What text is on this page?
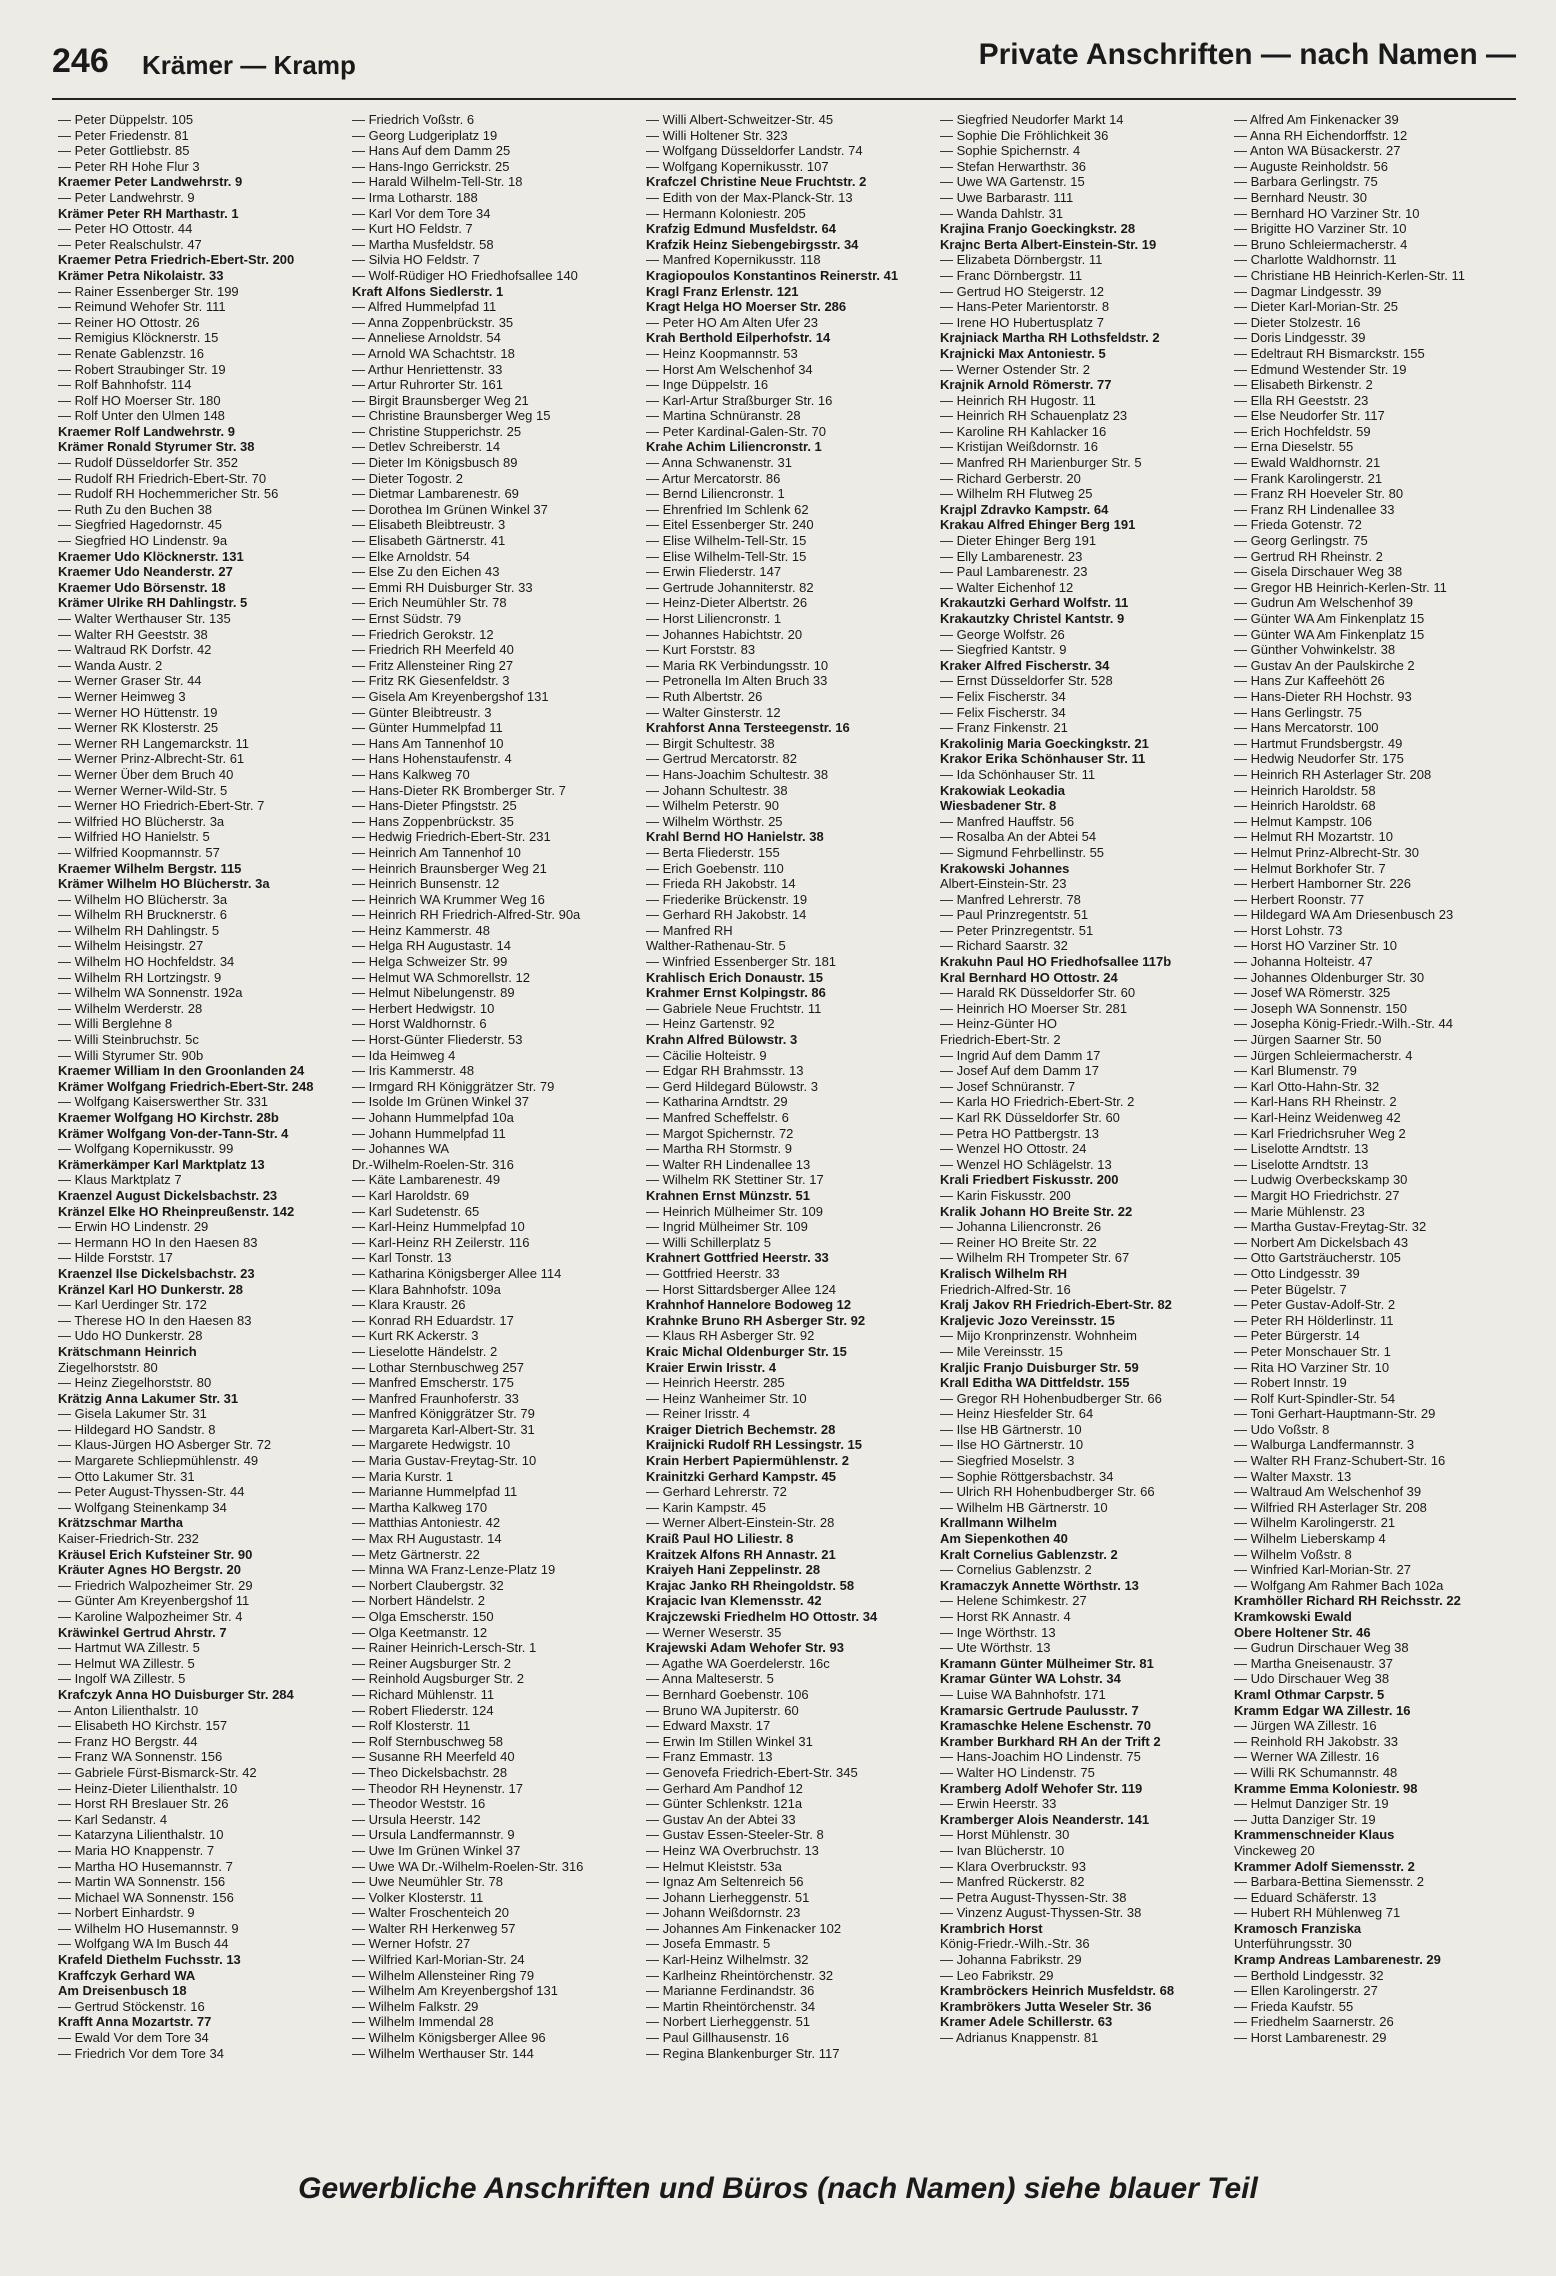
246 Krämer — Kramp	Private Anschriften — nach Namen —
— Peter Düppelstr. 105
— Peter Friedenstr. 81
— Peter Gottliebstr. 85
— Peter RH Hohe Flur 3
Kraemer Peter Landwehrstr. 9
— Peter Landwehrstr. 9
Krämer Peter RH Marthastr. 1
— Peter HO Ottostr. 44
— Peter Realschulstr. 47
Kraemer Petra Friedrich-Ebert-Str. 200
Krämer Petra Nikolaistr. 33
— Rainer Essenberger Str. 199
— Reimund Wehofer Str. 111
— Reiner HO Ottostr. 26
— Remigius Klöcknerstr. 15
— Renate Gablenzstr. 16
— Robert Straubinger Str. 19
— Rolf Bahnhofstr. 114
— Rolf HO Moerser Str. 180
— Rolf Unter den Ulmen 148
Kraemer Rolf Landwehrstr. 9
Krämer Ronald Styrumer Str. 38
— Rudolf Düsseldorfer Str. 352
— Rudolf RH Friedrich-Ebert-Str. 70
— Rudolf RH Hochemmericher Str. 56
— Ruth Zu den Buchen 38
— Siegfried Hagedornstr. 45
— Siegfried HO Lindenstr. 9a
Kraemer Udo Klöcknerstr. 131
Kraemer Udo Neanderstr. 27
Kraemer Udo Börsenstr. 18
Krämer Ulrike RH Dahlingstr. 5
— Walter Werthauser Str. 135
— Walter RH Geeststr. 38
— Waltraud RK Dorfstr. 42
— Wanda Austr. 2
— Werner Graser Str. 44
— Werner Heimweg 3
— Werner HO Hüttenstr. 19
— Werner RK Klosterstr. 25
— Werner RH Langemarckstr. 11
— Werner Prinz-Albrecht-Str. 61
— Werner Über dem Bruch 40
— Werner Werner-Wild-Str. 5
— Werner HO Friedrich-Ebert-Str. 7
— Wilfried HO Blücherstr. 3a
— Wilfried HO Hanielstr. 5
— Wilfried Koopmannstr. 57
Kraemer Wilhelm Bergstr. 115
Krämer Wilhelm HO Blücherstr. 3a
— Wilhelm HO Blücherstr. 3a
— Wilhelm RH Brucknerstr. 6
— Wilhelm RH Dahlingstr. 5
— Wilhelm Heisingstr. 27
— Wilhelm HO Hochfeldstr. 34
— Wilhelm RH Lortzingstr. 9
— Wilhelm WA Sonnenstr. 192a
— Wilhelm Werderstr. 28
— Willi Berglehne 8
— Willi Steinbruchstr. 5c
— Willi Styrumer Str. 90b
Kraemer William In den Groonlanden 24
Krämer Wolfgang Friedrich-Ebert-Str. 248
— Wolfgang Kaiserswerther Str. 331
Kraemer Wolfgang HO Kirchstr. 28b
Krämer Wolfgang Von-der-Tann-Str. 4
— Wolfgang Kopernikusstr. 99
Krämerkämper Karl Marktplatz 13
— Klaus Marktplatz 7
Kraenzel August Dickelsbachstr. 23
Kränzel Elke HO Rheinpreußenstr. 142
— Erwin HO Lindenstr. 29
— Hermann HO In den Haesen 83
— Hilde Forststr. 17
Kraenzel Ilse Dickelsbachstr. 23
Kränzel Karl HO Dunkerstr. 28
— Karl Uerdinger Str. 172
— Therese HO In den Haesen 83
— Udo HO Dunkerstr. 28
Krätschmann Heinrich
Ziegelhorststr. 80
— Heinz Ziegelhorststr. 80
Krätzig Anna Lakumer Str. 31
— Gisela Lakumer Str. 31
— Hildegard HO Sandstr. 8
— Klaus-Jürgen HO Asberger Str. 72
— Margarete Schliepmühlenstr. 49
— Otto Lakumer Str. 31
— Peter August-Thyssen-Str. 44
— Wolfgang Steinenkamp 34
Krätzschmar Martha
Kaiser-Friedrich-Str. 232
Kräusel Erich Kufsteiner Str. 90
Kräuter Agnes HO Bergstr. 20
— Friedrich Walpozheimer Str. 29
— Günter Am Kreyenbergshof 11
— Karoline Walpozheimer Str. 4
Kräwinkel Gertrud Ahrstr. 7
— Hartmut WA Zillestr. 5
— Helmut WA Zillestr. 5
— Ingolf WA Zillestr. 5
Krafczyk Anna HO Duisburger Str. 284
— Anton Lilienthalstr. 10
— Elisabeth HO Kirchstr. 157
— Franz HO Bergstr. 44
— Franz WA Sonnenstr. 156
— Gabriele Fürst-Bismarck-Str. 42
— Heinz-Dieter Lilienthalstr. 10
— Horst RH Breslauer Str. 26
— Karl Sedanstr. 4
— Katarzyna Lilienthalstr. 10
— Maria HO Knappenstr. 7
— Martha HO Husemannstr. 7
— Martin WA Sonnenstr. 156
— Michael WA Sonnenstr. 156
— Norbert Einhardstr. 9
— Wilhelm HO Husemannstr. 9
— Wolfgang WA Im Busch 44
Krafeld Diethelm Fuchsstr. 13
Kraffczyk Gerhard WA
Am Dreisenbusch 18
— Gertrud Stöckenstr. 16
Krafft Anna Mozartstr. 77
— Ewald Vor dem Tore 34
— Friedrich Vor dem Tore 34
— Friedrich Voßstr. 6
— Georg Ludgeriplatz 19
— Hans Auf dem Damm 25
— Hans-Ingo Gerrickstr. 25
— Harald Wilhelm-Tell-Str. 18
— Irma Lotharstr. 188
— Karl Vor dem Tore 34
— Kurt HO Feldstr. 7
— Martha Musfeldstr. 58
— Silvia HO Feldstr. 7
— Wolf-Rüdiger HO Friedhofsallee 140
Kraft Alfons Siedlerstr. 1
— Alfred Hummelpfad 11
— Anna Zoppenbrückstr. 35
— Anneliese Arnoldstr. 54
— Arnold WA Schachtstr. 18
— Arthur Henriettenstr. 33
— Artur Ruhrorter Str. 161
— Birgit Braunsberger Weg 21
— Christine Braunsberger Weg 15
— Christine Stupperichstr. 25
— Detlev Schreiberstr. 14
— Dieter Im Königsbusch 89
— Dieter Togostr. 2
— Dietmar Lambarenestr. 69
— Dorothea Im Grünen Winkel 37
— Elisabeth Bleibtreustr. 3
— Elisabeth Gärtnerstr. 41
— Elke Arnoldstr. 54
— Else Zu den Eichen 43
— Emmi RH Duisburger Str. 33
— Erich Neumühler Str. 78
— Ernst Südstr. 79
— Friedrich Gerokstr. 12
— Friedrich RH Meerfeld 40
— Fritz Allensteiner Ring 27
— Fritz RK Giesenfeldstr. 3
— Gisela Am Kreyenbergshof 131
— Günter Bleibtreustr. 3
— Günter Hummelpfad 11
— Hans Am Tannenhof 10
— Hans Hohenstaufenstr. 4
— Hans Kalkweg 70
— Hans-Dieter RK Bromberger Str. 7
— Hans-Dieter Pfingststr. 25
— Hans Zoppenbrückstr. 35
— Hedwig Friedrich-Ebert-Str. 231
— Heinrich Am Tannenhof 10
— Heinrich Braunsberger Weg 21
— Heinrich Bunsenstr. 12
— Heinrich WA Krummer Weg 16
— Heinrich RH Friedrich-Alfred-Str. 90a
— Heinz Kammerstr. 48
— Helga RH Augustastr. 14
— Helga Schweizer Str. 99
— Helmut WA Schmorellstr. 12
— Helmut Nibelungenstr. 89
— Herbert Hedwigstr. 10
— Horst Waldhornstr. 6
— Horst-Günter Fliederstr. 53
— Ida Heimweg 4
— Iris Kammerstr. 48
— Irmgard RH Königgrätzer Str. 79
— Isolde Im Grünen Winkel 37
— Johann Hummelpfad 10a
— Johann Hummelpfad 11
— Johannes WA
Dr.-Wilhelm-Roelen-Str. 316
— Käte Lambarenestr. 49
— Karl Haroldstr. 69
— Karl Sudetenstr. 65
— Karl-Heinz Hummelpfad 10
— Karl-Heinz RH Zeilerstr. 116
— Karl Tonstr. 13
— Katharina Königsberger Allee 114
— Klara Bahnhofstr. 109a
— Klara Kraustr. 26
— Konrad RH Eduardstr. 17
— Kurt RK Ackerstr. 3
— Lieselotte Händelstr. 2
— Lothar Sternbuschweg 257
— Manfred Emscherstr. 175
— Manfred Fraunhoferstr. 33
— Manfred Königgrätzer Str. 79
— Margareta Karl-Albert-Str. 31
— Margarete Hedwigstr. 10
— Maria Gustav-Freytag-Str. 10
— Maria Kurstr. 1
— Marianne Hummelpfad 11
— Martha Kalkweg 170
— Matthias Antoniestr. 42
— Max RH Augustastr. 14
— Metz Gärtnerstr. 22
— Minna WA Franz-Lenze-Platz 19
— Norbert Claubergstr. 32
— Norbert Händelstr. 2
— Olga Emscherstr. 150
— Olga Keetmanstr. 12
— Rainer Heinrich-Lersch-Str. 1
— Reiner Augsburger Str. 2
— Reinhold Augsburger Str. 2
— Richard Mühlenstr. 11
— Robert Fliederstr. 124
— Rolf Klosterstr. 11
— Rolf Sternbuschweg 58
— Susanne RH Meerfeld 40
— Theo Dickelsbachstr. 28
— Theodor RH Heynenstr. 17
— Theodor Weststr. 16
— Ursula Heerstr. 142
— Ursula Landfermannstr. 9
— Uwe Im Grünen Winkel 37
— Uwe WA Dr.-Wilhelm-Roelen-Str. 316
— Uwe Neumühler Str. 78
— Volker Klosterstr. 11
— Walter Froschenteich 20
— Walter RH Herkenweg 57
— Werner Hofstr. 27
— Wilfried Karl-Morian-Str. 24
— Wilhelm Allensteiner Ring 79
— Wilhelm Am Kreyenbergshof 131
— Wilhelm Falkstr. 29
— Wilhelm Immendal 28
— Wilhelm Königsberger Allee 96
— Wilhelm Werthauser Str. 144
— Willi Albert-Schweitzer-Str. 45
— Willi Holtener Str. 323
— Wolfgang Düsseldorfer Landstr. 74
— Wolfgang Kopernikusstr. 107
Krafczel Christine Neue Fruchtstr. 2
— Edith von der Max-Planck-Str. 13
— Hermann Koloniestr. 205
Krafzig Edmund Musfeldstr. 64
Krafzik Heinz Siebengebirgsstr. 34
— Manfred Kopernikusstr. 118
Kragiopoulos Konstantinos Reinerstr. 41
Kragl Franz Erlenstr. 121
Kragt Helga HO Moerser Str. 286
— Peter HO Am Alten Ufer 23
Krah Berthold Eilperhofstr. 14
— Heinz Koopmannstr. 53
— Horst Am Welschenhof 34
— Inge Düppelstr. 16
— Karl-Artur Straßburger Str. 16
— Martina Schnüranstr. 28
— Peter Kardinal-Galen-Str. 70
Krahe Achim Liliencronstr. 1
— Anna Schwanenstr. 31
— Artur Mercatorstr. 86
— Bernd Liliencronstr. 1
— Ehrenfried Im Schlenk 62
— Eitel Essenberger Str. 240
— Elise Wilhelm-Tell-Str. 15
— Elise Wilhelm-Tell-Str. 15
— Erwin Fliederstr. 147
— Gertrude Johanniterstr. 82
— Heinz-Dieter Albertstr. 26
— Horst Liliencronstr. 1
— Johannes Habichtstr. 20
— Kurt Forststr. 83
— Maria RK Verbindungsstr. 10
— Petronella Im Alten Bruch 33
— Ruth Albertstr. 26
— Walter Ginsterstr. 12
Krahforst Anna Tersteegenstr. 16
— Birgit Schultestr. 38
— Gertrud Mercatorstr. 82
— Hans-Joachim Schultestr. 38
— Johann Schultestr. 38
— Wilhelm Peterstr. 90
— Wilhelm Wörthstr. 25
Krahl Bernd HO Hanielstr. 38
— Berta Fliederstr. 155
— Erich Goebenstr. 110
— Frieda RH Jakobstr. 14
— Friederike Brückenstr. 19
— Gerhard RH Jakobstr. 14
— Manfred RH
Walther-Rathenau-Str. 5
— Winfried Essenberger Str. 181
Krahlisch Erich Donaustr. 15
Krahmer Ernst Kolpingstr. 86
— Gabriele Neue Fruchtstr. 11
— Heinz Gartenstr. 92
Krahn Alfred Bülowstr. 3
— Cäcilie Holteistr. 9
— Edgar RH Brahmsstr. 13
— Gerd Hildegard Bülowstr. 3
— Katharina Arndtstr. 29
— Manfred Scheffelstr. 6
— Margot Spichernstr. 72
— Martha RH Stormstr. 9
— Walter RH Lindenallee 13
— Wilhelm RK Stettiner Str. 17
Krahnen Ernst Münzstr. 51
— Heinrich Mülheimer Str. 109
— Ingrid Mülheimer Str. 109
— Willi Schillerplatz 5
Krahnert Gottfried Heerstr. 33
— Gottfried Heerstr. 33
— Horst Sittardsberger Allee 124
Krahnhof Hannelore Bodoweg 12
Krahnke Bruno RH Asberger Str. 92
— Klaus RH Asberger Str. 92
Kraic Michal Oldenburger Str. 15
Kraier Erwin Irisstr. 4
— Heinrich Heerstr. 285
— Heinz Wanheimer Str. 10
— Reiner Irisstr. 4
Kraiger Dietrich Bechemstr. 28
Kraijnicki Rudolf RH Lessingstr. 15
Krain Herbert Papiermühlenstr. 2
Krainitzki Gerhard Kampstr. 45
— Gerhard Lehrerstr. 72
— Karin Kampstr. 45
— Werner Albert-Einstein-Str. 28
Kraiß Paul HO Liliestr. 8
Kraitzek Alfons RH Annastr. 21
Kraiyeh Hani Zeppelinstr. 28
Krajac Janko RH Rheingoldstr. 58
Krajacic Ivan Klemensstr. 42
Krajczewski Friedhelm HO Ottostr. 34
— Werner Weserstr. 35
Krajewski Adam Wehofer Str. 93
— Agathe WA Goerdelerstr. 16c
— Anna Malteserstr. 5
— Bernhard Goebenstr. 106
— Bruno WA Jupiterstr. 60
— Edward Maxstr. 17
— Erwin Im Stillen Winkel 31
— Franz Emmastr. 13
— Genovefa Friedrich-Ebert-Str. 345
— Gerhard Am Pandhof 12
— Günter Schlenkstr. 121a
— Gustav An der Abtei 33
— Gustav Essen-Steeler-Str. 8
— Heinz WA Overbruchstr. 13
— Helmut Kleiststr. 53a
— Ignaz Am Seltenreich 56
— Johann Lierheggenstr. 51
— Johann Weißdornstr. 23
— Johannes Am Finkenacker 102
— Josefa Emmastr. 5
— Karl-Heinz Wilhelmstr. 32
— Karlheinz Rheintörchenstr. 32
— Marianne Ferdinandstr. 36
— Martin Rheintörchenstr. 34
— Norbert Lierheggenstr. 51
— Paul Gillhausenstr. 16
— Regina Blankenburger Str. 117
— Siegfried Neudorfer Markt 14
— Sophie Die Fröhlichkeit 36
— Sophie Spichernstr. 4
— Stefan Herwarthstr. 36
— Uwe WA Gartenstr. 15
— Uwe Barbarastr. 111
— Wanda Dahlstr. 31
Krajina Franjo Goeckingkstr. 28
Krajnc Berta Albert-Einstein-Str. 19
— Elizabeta Dörnbergstr. 11
— Franc Dörnbergstr. 11
— Gertrud HO Steigerstr. 12
— Hans-Peter Marientorstr. 8
— Irene HO Hubertusplatz 7
Krajniack Martha RH Lothsfeldstr. 2
Krajnicki Max Antoniestr. 5
— Werner Ostender Str. 2
Krajnik Arnold Römerstr. 77
— Heinrich RH Hugostr. 11
— Heinrich RH Schauenplatz 23
— Karoline RH Kahlacker 16
— Kristijan Weißdornstr. 16
— Manfred RH Marienburger Str. 5
— Richard Gerberstr. 20
— Wilhelm RH Flutweg 25
Krajpl Zdravko Kampstr. 64
Krakau Alfred Ehinger Berg 191
— Dieter Ehinger Berg 191
— Elly Lambarenestr. 23
— Paul Lambarenestr. 23
— Walter Eichenhof 12
Krakautzki Gerhard Wolfstr. 11
Krakautzky Christel Kantstr. 9
— George Wolfstr. 26
— Siegfried Kantstr. 9
Kraker Alfred Fischerstr. 34
— Ernst Düsseldorfer Str. 528
— Felix Fischerstr. 34
— Felix Fischerstr. 34
— Franz Finkenstr. 21
Krakolinig Maria Goeckingkstr. 21
Krakor Erika Schönhauser Str. 11
— Ida Schönhauser Str. 11
Krakowiak Leokadia
Wiesbadener Str. 8
— Manfred Hauffstr. 56
— Rosalba An der Abtei 54
— Sigmund Fehrbellinstr. 55
Krakowski Johannes
Albert-Einstein-Str. 23
— Manfred Lehrerstr. 78
— Paul Prinzregentstr. 51
— Peter Prinzregentstr. 51
— Richard Saarstr. 32
Krakuhn Paul HO Friedhofsallee 117b
Kral Bernhard HO Ottostr. 24
— Harald RK Düsseldorfer Str. 60
— Heinrich HO Moerser Str. 281
— Heinz-Günter HO
Friedrich-Ebert-Str. 2
— Ingrid Auf dem Damm 17
— Josef Auf dem Damm 17
— Josef Schnüranstr. 7
— Karla HO Friedrich-Ebert-Str. 2
— Karl RK Düsseldorfer Str. 60
— Petra HO Pattbergstr. 13
— Wenzel HO Ottostr. 24
— Wenzel HO Schlägelstr. 13
Krali Friedbert Fiskusstr. 200
— Karin Fiskusstr. 200
Kralik Johann HO Breite Str. 22
— Johanna Liliencronstr. 26
— Reiner HO Breite Str. 22
— Wilhelm RH Trompeter Str. 67
Kralisch Wilhelm RH
Friedrich-Alfred-Str. 16
Kralj Jakov RH Friedrich-Ebert-Str. 82
Kraljevic Jozo Vereinsstr. 15
— Mijo Kronprinzenstr. Wohnheim
— Mile Vereinsstr. 15
Kraljic Franjo Duisburger Str. 59
Krall Editha WA Dittfeldstr. 155
— Gregor RH Hohenbudberger Str. 66
— Heinz Hiesfelder Str. 64
— Ilse HB Gärtnerstr. 10
— Ilse HO Gärtnerstr. 10
— Siegfried Moselstr. 3
— Sophie Röttgersbachstr. 34
— Ulrich RH Hohenbudberger Str. 66
— Wilhelm HB Gärtnerstr. 10
Krallmann Wilhelm
Am Siepenkothen 40
Kralt Cornelius Gablenzstr. 2
— Cornelius Gablenzstr. 2
Kramaczyk Annette Wörthstr. 13
— Helene Schimkestr. 27
— Horst RK Annastr. 4
— Inge Wörthstr. 13
— Ute Wörthstr. 13
Kramann Günter Mülheimer Str. 81
Kramar Günter WA Lohstr. 34
— Luise WA Bahnhofstr. 171
Kramarsic Gertrude Paulusstr. 7
Kramaschke Helene Eschenstr. 70
Kramber Burkhard RH An der Trift 2
— Hans-Joachim HO Lindenstr. 75
— Walter HO Lindenstr. 75
Kramberg Adolf Wehofer Str. 119
— Erwin Heerstr. 33
Kramberger Alois Neanderstr. 141
— Horst Mühlenstr. 30
— Ivan Blücherstr. 10
— Klara Overbruckstr. 93
— Manfred Rückerstr. 82
— Petra August-Thyssen-Str. 38
— Vinzenz August-Thyssen-Str. 38
Krambrich Horst
König-Friedr.-Wilh.-Str. 36
— Johanna Fabrikstr. 29
— Leo Fabrikstr. 29
Krambröckers Heinrich Musfeldstr. 68
Krambrökers Jutta Weseler Str. 36
Kramer Adele Schillerstr. 63
— Adrianus Knappenstr. 81
— Alfred Am Finkenacker 39
— Anna RH Eichendorffstr. 12
— Anton WA Büsackerstr. 27
— Auguste Reinholdstr. 56
— Barbara Gerlingstr. 75
— Bernhard Neustr. 30
— Bernhard HO Varziner Str. 10
— Brigitte HO Varziner Str. 10
— Bruno Schleiermacherstr. 4
— Charlotte Waldhornstr. 11
— Christiane HB Heinrich-Kerlen-Str. 11
— Dagmar Lindgesstr. 39
— Dieter Karl-Morian-Str. 25
— Dieter Stolzestr. 16
— Doris Lindgesstr. 39
— Edeltraut RH Bismarckstr. 155
— Edmund Westender Str. 19
— Elisabeth Birkenstr. 2
— Ella RH Geeststr. 23
— Else Neudorfer Str. 117
— Erich Hochfeldstr. 59
— Erna Dieselstr. 55
— Ewald Waldhornstr. 21
— Frank Karolingerstr. 21
— Franz RH Hoeveler Str. 80
— Franz RH Lindenallee 33
— Frieda Gotenstr. 72
— Georg Gerlingstr. 75
— Gertrud RH Rheinstr. 2
— Gisela Dirschauer Weg 38
— Gregor HB Heinrich-Kerlen-Str. 11
— Gudrun Am Welschenhof 39
— Günter WA Am Finkenplatz 15
— Günter WA Am Finkenplatz 15
— Günther Vohwinkelstr. 38
— Gustav An der Paulskirche 2
— Hans Zur Kaffeehött 26
— Hans-Dieter RH Hochstr. 93
— Hans Gerlingstr. 75
— Hans Mercatorstr. 100
— Hartmut Frundsbergstr. 49
— Hedwig Neudorfer Str. 175
— Heinrich RH Asterlager Str. 208
— Heinrich Haroldstr. 58
— Heinrich Haroldstr. 68
— Helmut Kampstr. 106
— Helmut RH Mozartstr. 10
— Helmut Prinz-Albrecht-Str. 30
— Helmut Borkhofer Str. 7
— Herbert Hamborner Str. 226
— Herbert Roonstr. 77
— Hildegard WA Am Driesenbusch 23
— Horst Lohstr. 73
— Horst HO Varziner Str. 10
— Johanna Holteistr. 47
— Johannes Oldenburger Str. 30
— Josef WA Römerstr. 325
— Joseph WA Sonnenstr. 150
— Josepha König-Friedr.-Wilh.-Str. 44
— Jürgen Saarner Str. 50
— Jürgen Schleiermacherstr. 4
— Karl Blumenstr. 79
— Karl Otto-Hahn-Str. 32
— Karl-Hans RH Rheinstr. 2
— Karl-Heinz Weidenweg 42
— Karl Friedrichsruher Weg 2
— Liselotte Arndtstr. 13
— Liselotte Arndtstr. 13
— Ludwig Overbeckskamp 30
— Margit HO Friedrichstr. 27
— Marie Mühlenstr. 23
— Martha Gustav-Freytag-Str. 32
— Norbert Am Dickelsbach 43
— Otto Gartsträucherstr. 105
— Otto Lindgesstr. 39
— Peter Bügelstr. 7
— Peter Gustav-Adolf-Str. 2
— Peter RH Hölderlinstr. 11
— Peter Bürgerstr. 14
— Peter Monschauer Str. 1
— Rita HO Varziner Str. 10
— Robert Innstr. 19
— Rolf Kurt-Spindler-Str. 54
— Toni Gerhart-Hauptmann-Str. 29
— Udo Voßstr. 8
— Walburga Landfermannstr. 3
— Walter RH Franz-Schubert-Str. 16
— Walter Maxstr. 13
— Waltraud Am Welschenhof 39
— Wilfried RH Asterlager Str. 208
— Wilhelm Karolingerstr. 21
— Wilhelm Lieberskamp 4
— Wilhelm Voßstr. 8
— Winfried Karl-Morian-Str. 27
— Wolfgang Am Rahmer Bach 102a
Kramhöller Richard RH Reichsstr. 22
Kramkowski Ewald
Obere Holtener Str. 46
— Gudrun Dirschauer Weg 38
— Martha Gneisenaustr. 37
— Udo Dirschauer Weg 38
Kraml Othmar Carpstr. 5
Kramm Edgar WA Zillestr. 16
— Jürgen WA Zillestr. 16
— Reinhold RH Jakobstr. 33
— Werner WA Zillestr. 16
— Willi RK Schumannstr. 48
Kramme Emma Koloniestr. 98
— Helmut Danziger Str. 19
— Jutta Danziger Str. 19
Krammenschneider Klaus
Vinckeweg 20
Krammer Adolf Siemensstr. 2
— Barbara-Bettina Siemensstr. 2
— Eduard Schäferstr. 13
— Hubert RH Mühlenweg 71
Kramosch Franziska
Unterführungsstr. 30
Kramp Andreas Lambarenestr. 29
— Berthold Lindgesstr. 32
— Ellen Karolingerstr. 27
— Frieda Kaufstr. 55
— Friedhelm Saarnerstr. 26
— Horst Lambarenestr. 29
Gewerbliche Anschriften und Büros (nach Namen) siehe blauer Teil
